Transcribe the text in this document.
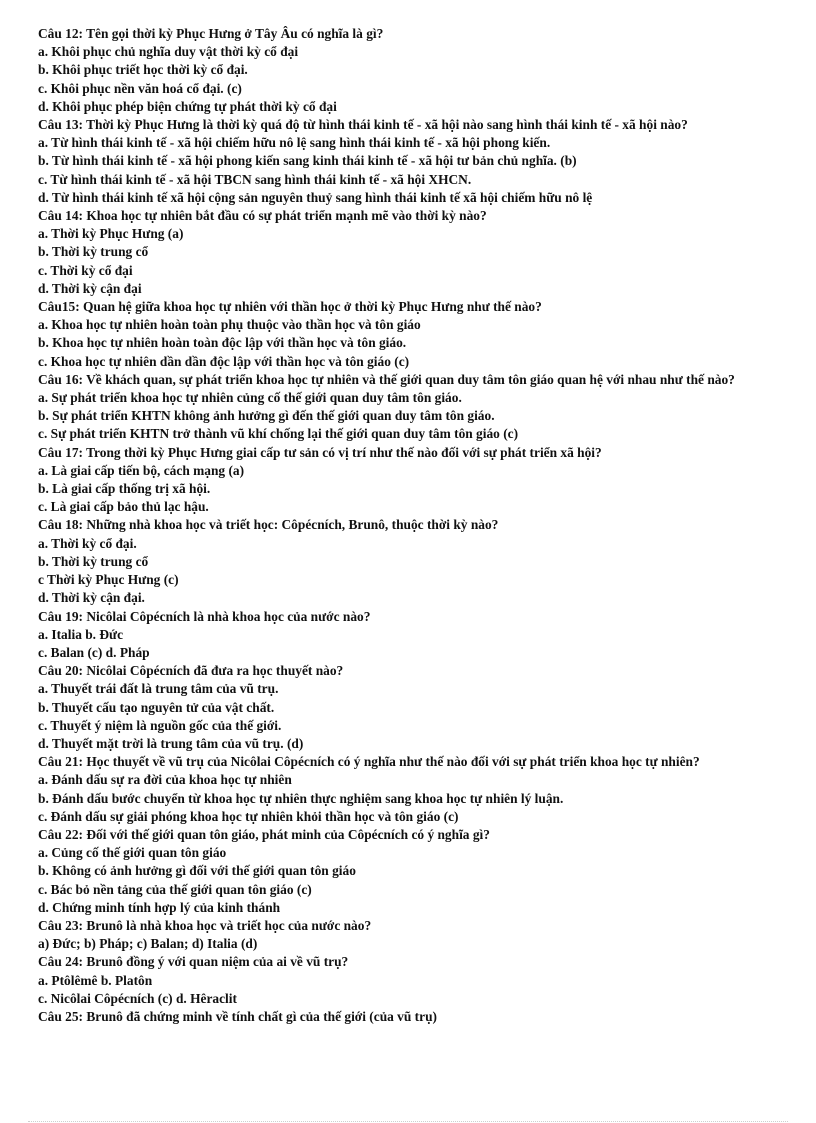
Câu 12: Tên gọi thời kỳ Phục Hưng ở Tây Âu có nghĩa là gì?
a. Khôi phục chủ nghĩa duy vật thời kỳ cổ đại
b. Khôi phục triết học thời kỳ cổ đại.
c. Khôi phục nền văn hoá cổ đại. (c)
d. Khôi phục phép biện chứng tự phát thời kỳ cổ đại
Câu 13: Thời kỳ Phục Hưng là thời kỳ quá độ từ hình thái kinh tế - xã hội nào sang hình thái kinh tế - xã hội nào?
a. Từ hình thái kinh tế - xã hội chiếm hữu nô lệ sang hình thái kinh tế - xã hội phong kiến.
b. Từ hình thái kinh tế - xã hội phong kiến sang kinh thái kinh tế - xã hội tư bản chủ nghĩa. (b)
c. Từ hình thái kinh tế - xã hội TBCN sang hình thái kinh tế - xã hội XHCN.
d. Từ hình thái kinh tế xã hội cộng sản nguyên thuỷ sang hình thái kinh tế xã hội chiếm hữu nô lệ
Câu 14: Khoa học tự nhiên bắt đầu có sự phát triển mạnh mẽ vào thời kỳ nào?
a. Thời kỳ Phục Hưng (a)
b. Thời kỳ trung cổ
c. Thời kỳ cổ đại
d. Thời kỳ cận đại
Câu15: Quan hệ giữa khoa học tự nhiên với thần học ở thời kỳ Phục Hưng như thế nào?
a. Khoa học tự nhiên hoàn toàn phụ thuộc vào thần học và tôn giáo
b. Khoa học tự nhiên hoàn toàn độc lập với thần học và tôn giáo.
c. Khoa học tự nhiên dần dần độc lập với thần học và tôn giáo (c)
Câu 16: Về khách quan, sự phát triển khoa học tự nhiên và thế giới quan duy tâm tôn giáo quan hệ với nhau như thế nào?
a. Sự phát triển khoa học tự nhiên củng cố thế giới quan duy tâm tôn giáo.
b. Sự phát triển KHTN không ảnh hưởng gì đến thế giới quan duy tâm tôn giáo.
c. Sự phát triển KHTN trở thành vũ khí chống lại thế giới quan duy tâm tôn giáo (c)
Câu 17: Trong thời kỳ Phục Hưng giai cấp tư sản có vị trí như thế nào đối với sự phát triển xã hội?
a. Là giai cấp tiến bộ, cách mạng (a)
b. Là giai cấp thống trị xã hội.
c. Là giai cấp bảo thủ lạc hậu.
Câu 18: Những nhà khoa học và triết học: Côpécních, Brunô, thuộc thời kỳ nào?
a. Thời kỳ cổ đại.
b. Thời kỳ trung cổ
c Thời kỳ Phục Hưng (c)
d. Thời kỳ cận đại.
Câu 19: Nicôlai Côpécních là nhà khoa học của nước nào?
a. Italia b. Đức
c. Balan (c) d. Pháp
Câu 20: Nicôlai Côpécních đã đưa ra học thuyết nào?
a. Thuyết trái đất là trung tâm của vũ trụ.
b. Thuyết cấu tạo nguyên tử của vật chất.
c. Thuyết ý niệm là nguồn gốc của thế giới.
d. Thuyết mặt trời là trung tâm của vũ trụ. (d)
Câu 21: Học thuyết về vũ trụ của Nicôlai Côpécních có ý nghĩa như thế nào đối với sự phát triển khoa học tự nhiên?
a. Đánh dấu sự ra đời của khoa học tự nhiên
b. Đánh dấu bước chuyển từ khoa học tự nhiên thực nghiệm sang khoa học tự nhiên lý luận.
c. Đánh dấu sự giải phóng khoa học tự nhiên khỏi thần học và tôn giáo (c)
Câu 22: Đối với thế giới quan tôn giáo, phát minh của Côpécních có ý nghĩa gì?
a. Củng cố thế giới quan tôn giáo
b. Không có ảnh hưởng gì đối với thế giới quan tôn giáo
c. Bác bỏ nền tảng của thế giới quan tôn giáo (c)
d. Chứng minh tính hợp lý của kinh thánh
Câu 23: Brunô là nhà khoa học và triết học của nước nào?
a) Đức; b) Pháp; c) Balan; d) Italia (d)
Câu 24: Brunô đồng ý với quan niệm của ai về vũ trụ?
a. Ptôlêmê b. Platôn
c. Nicôlai Côpécních (c) d. Hêraclit
Câu 25: Brunô đã chứng minh về tính chất gì của thế giới (của vũ trụ)
